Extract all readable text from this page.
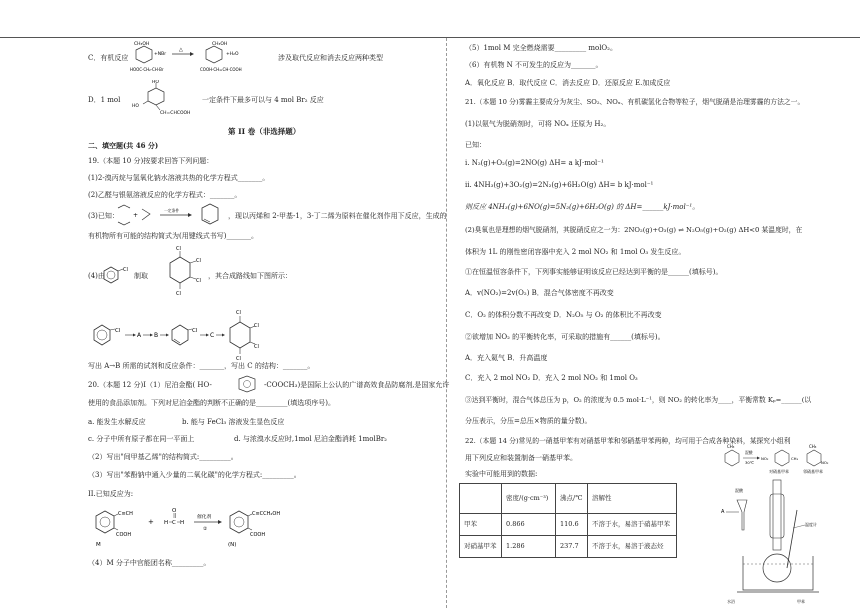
C．有机反应
CH₃OH
+NBr
HOOC·CH₂·CH·Br
△
CH₃OH
+H₂O
COOH·CH=CH·COOH
涉及取代反应和消去反应两种类型
D．1 mol
HO
HO
CH=CHCOOH
一定条件下最多可以与 4 mol Br₂ 反应
第 II 卷（非选择题）
二、填空题(共 46 分)
19.（本题 10 分)按要求回答下列问题：
(1)2-溴丙烷与氢氧化钠水溶液共热的化学方程式_______。
(2)乙醛与银氨溶液反应的化学方程式：_______。
(3)已知： +
一定条件
，现以丙烯和 2-甲基-1，3-丁二烯为原料在催化剂作用下反应，生成的
有机物所有可能的结构简式为(用键线式书写)_______。
(4)由
Cl
制取
Cl
Cl
Cl
Cl
，其合成路线如下图所示：
Cl
A B
Cl
C
Cl
Cl
Cl
Cl
写出 A→B 所需的试剂和反应条件：_______，写出 C 的结构：_______。
20.（本题 12 分)I（1）尼泊金酯( HO-	-COOCH₃)是国际上公认的广谱高效食品防腐剂,是国家允许
使用的食品添加剂。下列对尼泊金酯的判断不正确的是_________(填选项序号)。
a. 能发生水解反应	b. 能与 FeCl₃ 溶液发生显色反应
c. 分子中所有原子都在同一平面上	d. 与浓溴水反应时,1mol 尼泊金酯消耗 1molBr₂
（2）写出"间甲基乙烯"的结构简式:_________。
（3）写出"苯酚钠中通入少量的二氧化碳"的化学方程式:_________。
II.已知反应为:
C≡CH
COOH
M
+ H C H
O
催化剂
②
C≡CCH₂OH
COOH
(N)
（4）M 分子中官能团名称_________。
（5）1mol M 完全燃烧需要_________ molO₂。
（6）有机物 N 不可发生的反应为_______。
A．氧化反应 B．取代反应 C．消去反应 D．还原反应 E.加成反应
21.（本题 10 分)雾霾主要成分为灰尘、SO₂、NOₓ、有机碳氢化合物等粒子，烟气脱硝是治理雾霾的方法之一。
(1)以氨气为脱硝剂时，可将 NOₓ 还原为 H₂。
已知：
i. N₂(g)+O₂(g)=2NO(g) ΔH= a kJ·mol⁻¹
ii. 4NH₃(g)+3O₂(g)=2N₂(g)+6H₂O(g) ΔH= b kJ·mol⁻¹
则反应 4NH₃(g)+6NO(g)=5N₂(g)+6H₂O(g) 的 ΔH=______kJ·mol⁻¹。
(2)臭氧也是理想的烟气脱硝剂，其脱硝反应之一为：2NO₂(g)+O₃(g) ⇌ N₂O₅(g)+O₂(g) ΔH<0 某温度时，在
体积为 1L 的刚性密闭容器中充入 2 mol NO₂ 和 1mol O₃ 发生反应。
①在恒温恒容条件下，下列事实能够证明该反应已经达到平衡的是______(填标号)。
A．v(NO₂)=2v(O₂) B．混合气体密度不再改变
C．O₂ 的体积分数不再改变 D．N₂O₅ 与 O₂ 的体积比不再改变
②欲增加 NO₂ 的平衡转化率，可采取的措施有______(填标号)。
A．充入氦气 B．升高温度
C．充入 2 mol NO₂ D．充入 2 mol NO₂ 和 1mol O₃
③达到平衡时，混合气体总压为 p，O₂ 的浓度为 0.5 mol·L⁻¹，则 NO₂ 的转化率为____，平衡常数 Kₚ=______(以
分压表示，分压=总压×物质的量分数)。
22.（本题 14 分)常见的一硝基甲苯有对硝基甲苯和邻硝基甲苯两种，均可用于合成各种染料，某探究小组利
用下列反应和装置制备一硝基甲苯。
实验中可能用到的数据:
	密度/(g·cm⁻³)	沸点/℃	溶解性
甲苯	0.866	110.6	不溶于水，易溶于硝基甲苯
对硝基甲苯	1.286	237.7	不溶于水，易溶于液态烃
CH₃
混酸
30℃
NO₂	CH₃
对硝基甲苯
CH₃
NO₂
邻硝基甲苯
混酸
A
温度计
水浴	甲苯
